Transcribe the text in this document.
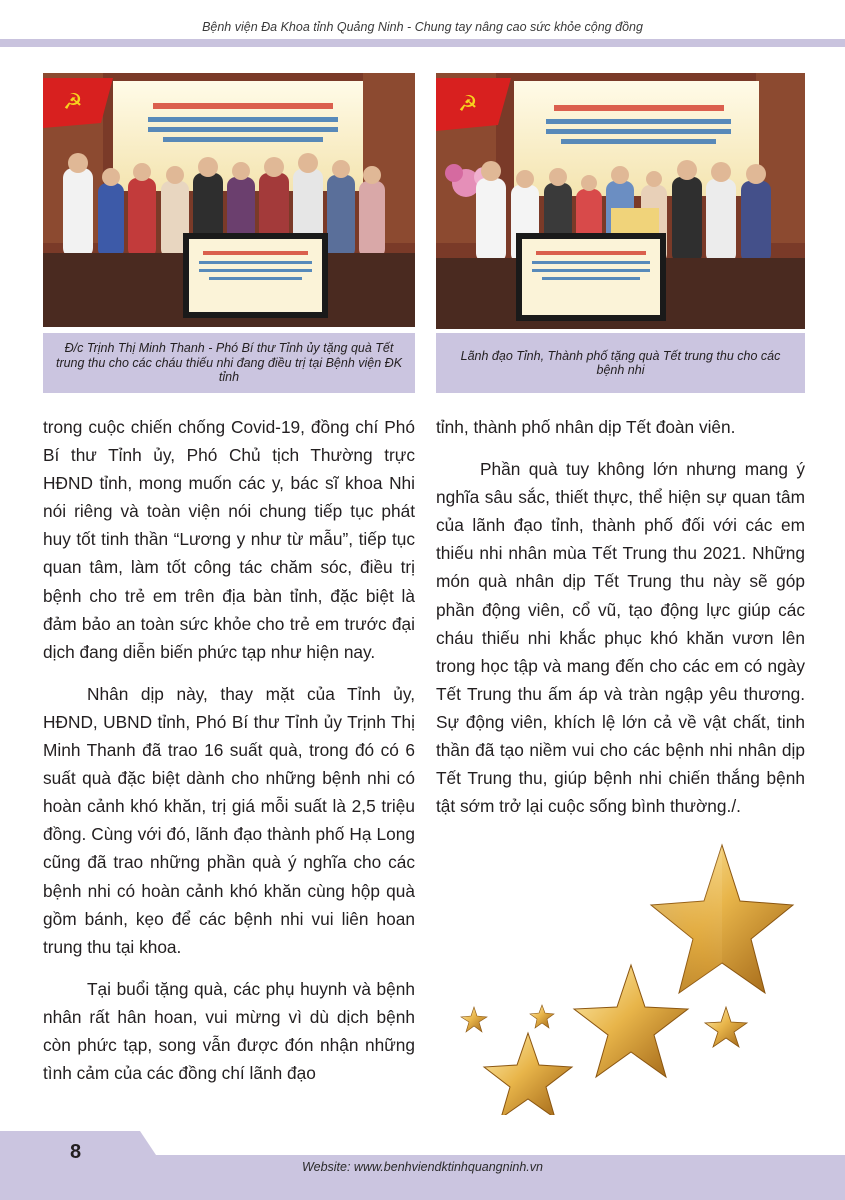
Bệnh viện Đa Khoa tỉnh Quảng Ninh - Chung tay nâng cao sức khỏe cộng đồng
☭	☭
Đ/c Trịnh Thị Minh Thanh - Phó Bí thư Tỉnh ủy tặng quà Tết trung thu cho các cháu thiếu nhi đang điều trị tại Bệnh viện ĐK tỉnh
Lãnh đạo Tỉnh, Thành phố tặng quà Tết trung thu cho các bệnh nhi

trong cuộc chiến chống Covid-19, đồng chí Phó Bí thư Tỉnh ủy, Phó Chủ tịch Thường trực HĐND tỉnh, mong muốn các y, bác sĩ khoa Nhi nói riêng và toàn viện nói chung tiếp tục phát huy tốt tinh thần “Lương y như từ mẫu”, tiếp tục quan tâm, làm tốt công tác chăm sóc, điều trị bệnh cho trẻ em trên địa bàn tỉnh, đặc biệt là đảm bảo an toàn sức khỏe cho trẻ em trước đại dịch đang diễn biến phức tạp như hiện nay.

Nhân dịp này, thay mặt của Tỉnh ủy, HĐND, UBND tỉnh, Phó Bí thư Tỉnh ủy Trịnh Thị Minh Thanh đã trao 16 suất quà, trong đó có 6 suất quà đặc biệt dành cho những bệnh nhi có hoàn cảnh khó khăn, trị giá mỗi suất là 2,5 triệu đồng. Cùng với đó, lãnh đạo thành phố Hạ Long cũng đã trao những phần quà ý nghĩa cho các bệnh nhi có hoàn cảnh khó khăn cùng hộp quà gồm bánh, kẹo để các bệnh nhi vui liên hoan trung thu tại khoa.

Tại buổi tặng quà, các phụ huynh và bệnh nhân rất hân hoan, vui mừng vì dù dịch bệnh còn phức tạp, song vẫn được đón nhận những tình cảm của các đồng chí lãnh đạo

tỉnh, thành phố nhân dịp Tết đoàn viên.

Phần quà tuy không lớn nhưng mang ý nghĩa sâu sắc, thiết thực, thể hiện sự quan tâm của lãnh đạo tỉnh, thành phố đối với các em thiếu nhi nhân mùa Tết Trung thu 2021. Những món quà nhân dịp Tết Trung thu này sẽ góp phần động viên, cổ vũ, tạo động lực giúp các cháu thiếu nhi khắc phục khó khăn vươn lên trong học tập và mang đến cho các em có ngày Tết Trung thu ấm áp và tràn ngập yêu thương. Sự động viên, khích lệ lớn cả về vật chất, tinh thần đã tạo niềm vui cho các bệnh nhi nhân dịp Tết Trung thu, giúp bệnh nhi chiến thắng bệnh tật sớm trở lại cuộc sống bình thường./.

8
Website: www.benhviendktinhquangninh.vn
